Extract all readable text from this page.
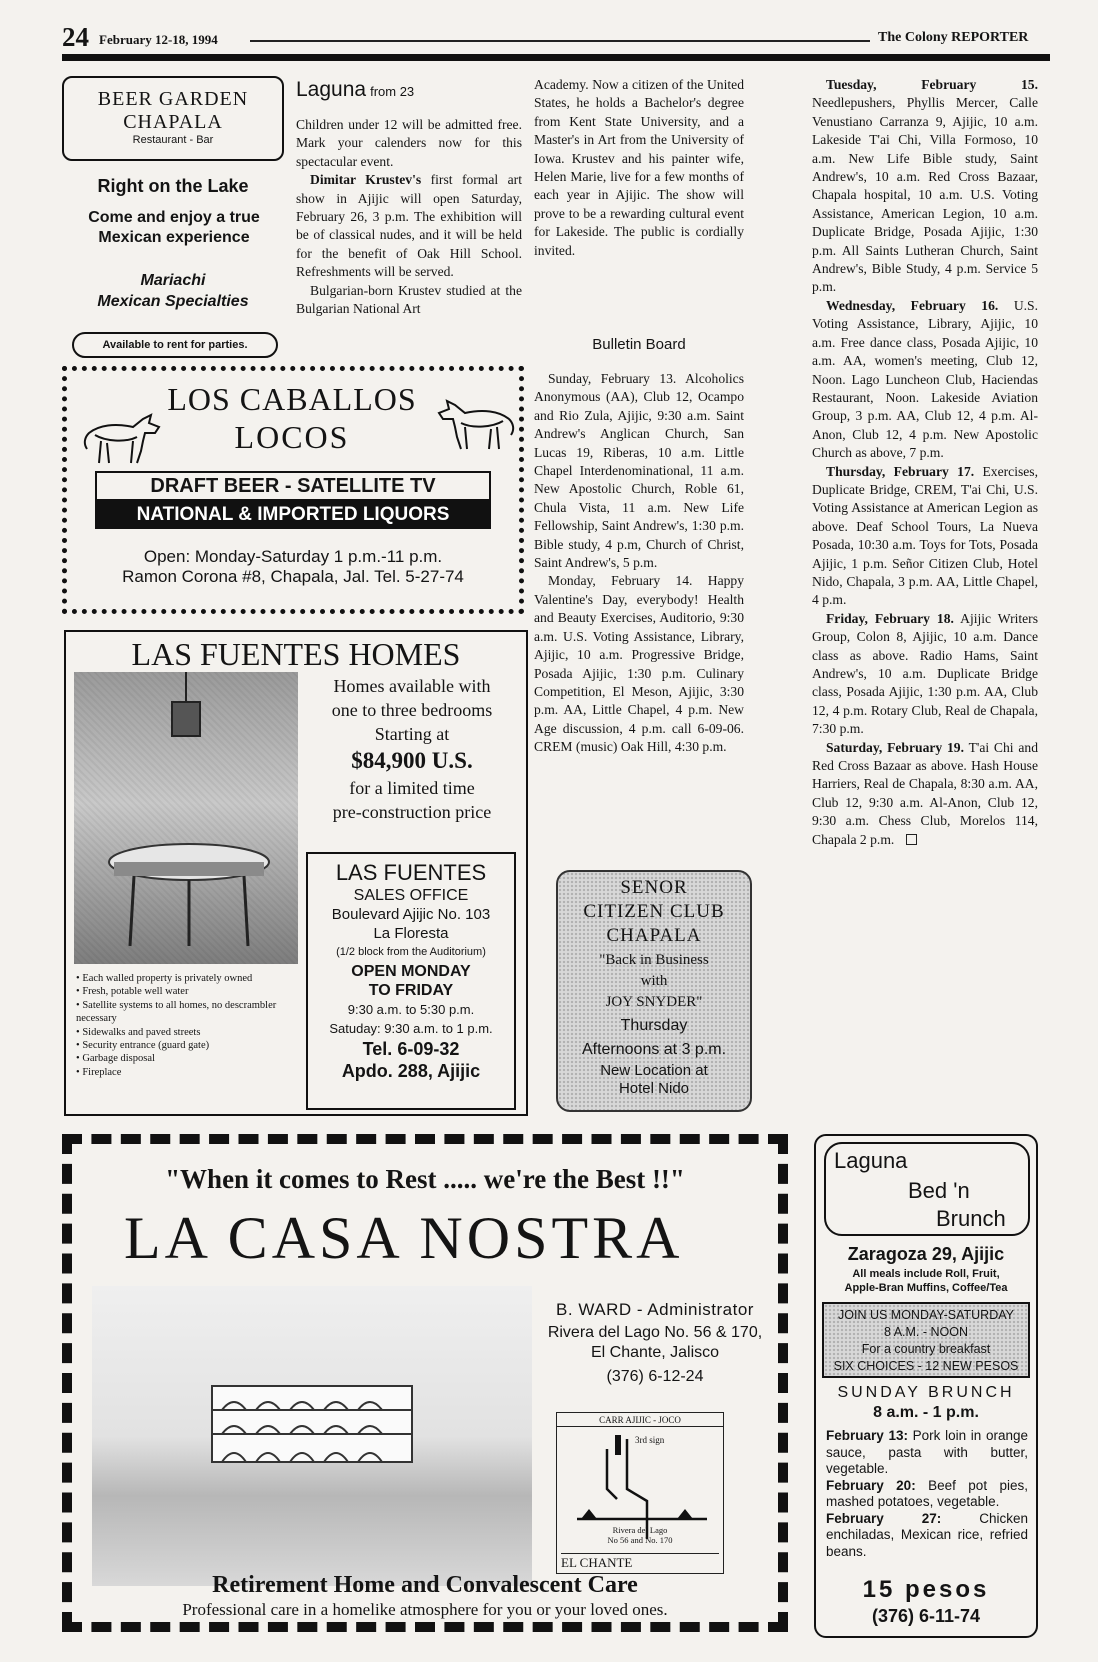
24 February 12-18, 1994	The Colony REPORTER
BEER GARDEN
CHAPALA
Restaurant - Bar
Right on the Lake
Come and enjoy a true Mexican experience
Mariachi
Mexican Specialties
Available to rent for parties.
Laguna from 23

Children under 12 will be admitted free. Mark your calenders now for this spectacular event.

Dimitar Krustev's first formal art show in Ajijic will open Saturday, February 26, 3 p.m. The exhibition will be of classical nudes, and it will be held for the benefit of Oak Hill School. Refreshments will be served.

Bulgarian-born Krustev studied at the Bulgarian National Art

Academy. Now a citizen of the United States, he holds a Bachelor's degree from Kent State University, and a Master's in Art from the University of Iowa. Krustev and his painter wife, Helen Marie, live for a few months of each year in Ajijic. The show will prove to be a rewarding cultural event for Lakeside. The public is cordially invited.
LOS CABALLOS
LOCOS
DRAFT BEER - SATELLITE TV
NATIONAL & IMPORTED LIQUORS
Open: Monday-Saturday 1 p.m.-11 p.m.
Ramon Corona #8, Chapala, Jal. Tel. 5-27-74
LAS FUENTES HOMES
Homes available with
one to three bedrooms
Starting at
$84,900 U.S.
for a limited time
pre-construction price
• Each walled property is privately owned
• Fresh, potable well water
• Satellite systems to all homes, no descrambler necessary
• Sidewalks and paved streets
• Security entrance (guard gate)
• Garbage disposal
• Fireplace
LAS FUENTES
SALES OFFICE
Boulevard Ajijic No. 103
La Floresta
(1/2 block from the Auditorium)
OPEN MONDAY
TO FRIDAY
9:30 a.m. to 5:30 p.m.
Satuday: 9:30 a.m. to 1 p.m.
Tel. 6-09-32
Apdo. 288, Ajijic
Bulletin Board

Sunday, February 13. Alcoholics Anonymous (AA), Club 12, Ocampo and Rio Zula, Ajijic, 9:30 a.m. Saint Andrew's Anglican Church, San Lucas 19, Riberas, 10 a.m. Little Chapel Interdenominational, 11 a.m. New Apostolic Church, Roble 61, Chula Vista, 11 a.m. New Life Fellowship, Saint Andrew's, 1:30 p.m. Bible study, 4 p.m, Church of Christ, Saint Andrew's, 5 p.m.

Monday, February 14. Happy Valentine's Day, everybody! Health and Beauty Exercises, Auditorio, 9:30 a.m. U.S. Voting Assistance, Library, Ajijic, 10 a.m. Progressive Bridge, Posada Ajijic, 1:30 p.m. Culinary Competition, El Meson, Ajijic, 3:30 p.m. AA, Little Chapel, 4 p.m. New Age discussion, 4 p.m. call 6-09-06. CREM (music) Oak Hill, 4:30 p.m.

SENOR
CITIZEN CLUB
CHAPALA
"Back in Business
with
JOY SNYDER"
Thursday
Afternoons at 3 p.m.
New Location at
Hotel Nido

Tuesday, February 15. Needlepushers, Phyllis Mercer, Calle Venustiano Carranza 9, Ajijic, 10 a.m. Lakeside T'ai Chi, Villa Formoso, 10 a.m. New Life Bible study, Saint Andrew's, 10 a.m. Red Cross Bazaar, Chapala hospital, 10 a.m. U.S. Voting Assistance, American Legion, 10 a.m. Duplicate Bridge, Posada Ajijic, 1:30 p.m. All Saints Lutheran Church, Saint Andrew's, Bible Study, 4 p.m. Service 5 p.m.

Wednesday, February 16. U.S. Voting Assistance, Library, Ajijic, 10 a.m. Free dance class, Posada Ajijic, 10 a.m. AA, women's meeting, Club 12, Noon. Lago Luncheon Club, Haciendas Restaurant, Noon. Lakeside Aviation Group, 3 p.m. AA, Club 12, 4 p.m. Al-Anon, Club 12, 4 p.m. New Apostolic Church as above, 7 p.m.

Thursday, February 17. Exercises, Duplicate Bridge, CREM, T'ai Chi, U.S. Voting Assistance at American Legion as above. Deaf School Tours, La Nueva Posada, 10:30 a.m. Toys for Tots, Posada Ajijic, 1 p.m. Señor Citizen Club, Hotel Nido, Chapala, 3 p.m. AA, Little Chapel, 4 p.m.

Friday, February 18. Ajijic Writers Group, Colon 8, Ajijic, 10 a.m. Dance class as above. Radio Hams, Saint Andrew's, 10 a.m. Duplicate Bridge class, Posada Ajijic, 1:30 p.m. AA, Club 12, 4 p.m. Rotary Club, Real de Chapala, 7:30 p.m.

Saturday, February 19. T'ai Chi and Red Cross Bazaar as above. Hash House Harriers, Real de Chapala, 8:30 a.m. AA, Club 12, 9:30 a.m. Al-Anon, Club 12, 9:30 a.m. Chess Club, Morelos 114, Chapala 2 p.m.

"When it comes to Rest ..... we're the Best !!"
LA CASA NOSTRA
B. WARD - Administrator
Rivera del Lago No. 56 & 170,
El Chante, Jalisco
(376) 6-12-24
CARR AJIJIC - JOCO
3rd sign
Rivera del Lago
No 56 and No. 170
EL CHANTE
Retirement Home and Convalescent Care
Professional care in a homelike atmosphere for you or your loved ones.
Laguna
Bed 'n
Brunch
Zaragoza 29, Ajijic
All meals include Roll, Fruit,
Apple-Bran Muffins, Coffee/Tea
JOIN US MONDAY-SATURDAY
8 A.M. - NOON
For a country breakfast
SIX CHOICES - 12 NEW PESOS
SUNDAY BRUNCH
8 a.m. - 1 p.m.
February 13: Pork loin in orange sauce, pasta with butter, vegetable.
February 20: Beef pot pies, mashed potatoes, vegetable.
February 27:	Chicken enchiladas, Mexican rice, refried beans.
15 pesos
(376) 6-11-74
